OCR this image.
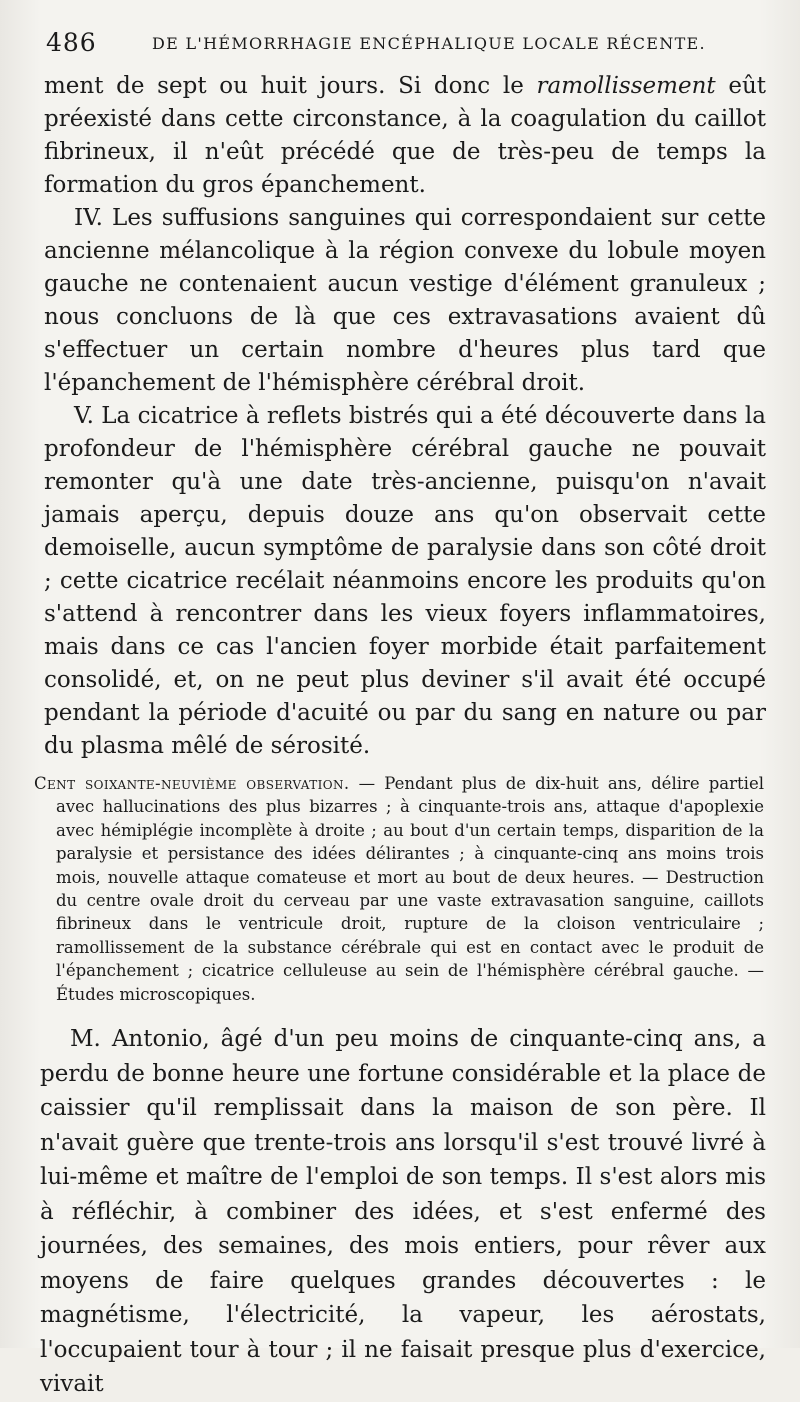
486	DE L'HÉMORRHAGIE ENCÉPHALIQUE LOCALE RÉCENTE.

ment de sept ou huit jours. Si donc le ramollissement eût préexisté dans cette circonstance, à la coagulation du caillot fibrineux, il n'eût précédé que de très-peu de temps la formation du gros épanchement.

IV. Les suffusions sanguines qui correspondaient sur cette ancienne mélancolique à la région convexe du lobule moyen gauche ne contenaient aucun vestige d'élément granuleux ; nous concluons de là que ces extravasations avaient dû s'effectuer un certain nombre d'heures plus tard que l'épanchement de l'hémisphère cérébral droit.

V. La cicatrice à reflets bistrés qui a été découverte dans la profondeur de l'hémisphère cérébral gauche ne pouvait remonter qu'à une date très-ancienne, puisqu'on n'avait jamais aperçu, depuis douze ans qu'on observait cette demoiselle, aucun symptôme de paralysie dans son côté droit ; cette cicatrice recélait néanmoins encore les produits qu'on s'attend à rencontrer dans les vieux foyers inflammatoires, mais dans ce cas l'ancien foyer morbide était parfaitement consolidé, et, on ne peut plus deviner s'il avait été occupé pendant la période d'acuité ou par du sang en nature ou par du plasma mêlé de sérosité.

Cent soixante-neuvième observation. — Pendant plus de dix-huit ans, délire partiel avec hallucinations des plus bizarres ; à cinquante-trois ans, attaque d'apoplexie avec hémiplégie incomplète à droite ; au bout d'un certain temps, disparition de la paralysie et persistance des idées délirantes ; à cinquante-cinq ans moins trois mois, nouvelle attaque comateuse et mort au bout de deux heures. — Destruction du centre ovale droit du cerveau par une vaste extravasation sanguine, caillots fibrineux dans le ventricule droit, rupture de la cloison ventriculaire ; ramollissement de la substance cérébrale qui est en contact avec le produit de l'épanchement ; cicatrice celluleuse au sein de l'hémisphère cérébral gauche. — Études microscopiques.

M. Antonio, âgé d'un peu moins de cinquante-cinq ans, a perdu de bonne heure une fortune considérable et la place de caissier qu'il remplissait dans la maison de son père. Il n'avait guère que trente-trois ans lorsqu'il s'est trouvé livré à lui-même et maître de l'emploi de son temps. Il s'est alors mis à réfléchir, à combiner des idées, et s'est enfermé des journées, des semaines, des mois entiers, pour rêver aux moyens de faire quelques grandes découvertes : le magnétisme, l'électricité, la vapeur, les aérostats, l'occupaient tour à tour ; il ne faisait presque plus d'exercice, vivait
